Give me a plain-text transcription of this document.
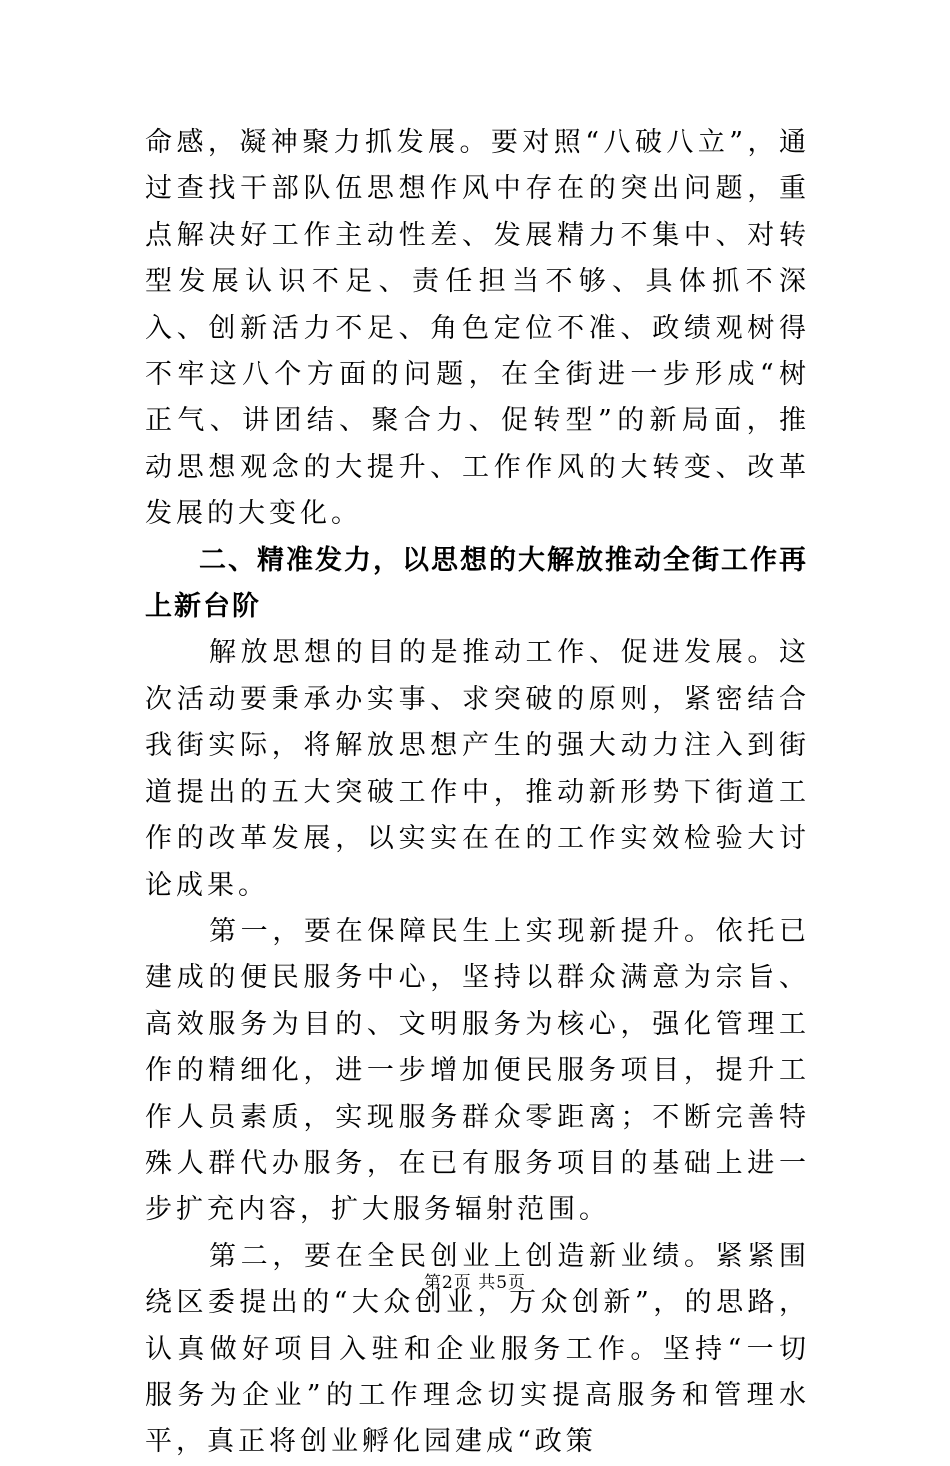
命感，凝神聚力抓发展。要对照“八破八立”，通过查找干部队伍思想作风中存在的突出问题，重点解决好工作主动性差、发展精力不集中、对转型发展认识不足、责任担当不够、具体抓不深入、创新活力不足、角色定位不准、政绩观树得不牢这八个方面的问题，在全街进一步形成“树正气、讲团结、聚合力、促转型”的新局面，推动思想观念的大提升、工作作风的大转变、改革发展的大变化。

二、精准发力，以思想的大解放推动全街工作再上新台阶

解放思想的目的是推动工作、促进发展。这次活动要秉承办实事、求突破的原则，紧密结合我街实际，将解放思想产生的强大动力注入到街道提出的五大突破工作中，推动新形势下街道工作的改革发展，以实实在在的工作实效检验大讨论成果。

第一，要在保障民生上实现新提升。依托已建成的便民服务中心，坚持以群众满意为宗旨、高效服务为目的、文明服务为核心，强化管理工作的精细化，进一步增加便民服务项目，提升工作人员素质，实现服务群众零距离；不断完善特殊人群代办服务，在已有服务项目的基础上进一步扩充内容，扩大服务辐射范围。

第二，要在全民创业上创造新业绩。紧紧围绕区委提出的“大众创业，万众创新”，的思路，认真做好项目入驻和企业服务工作。坚持“一切服务为企业”的工作理念切实提高服务和管理水平，真正将创业孵化园建成“政策

第2页 共5页
